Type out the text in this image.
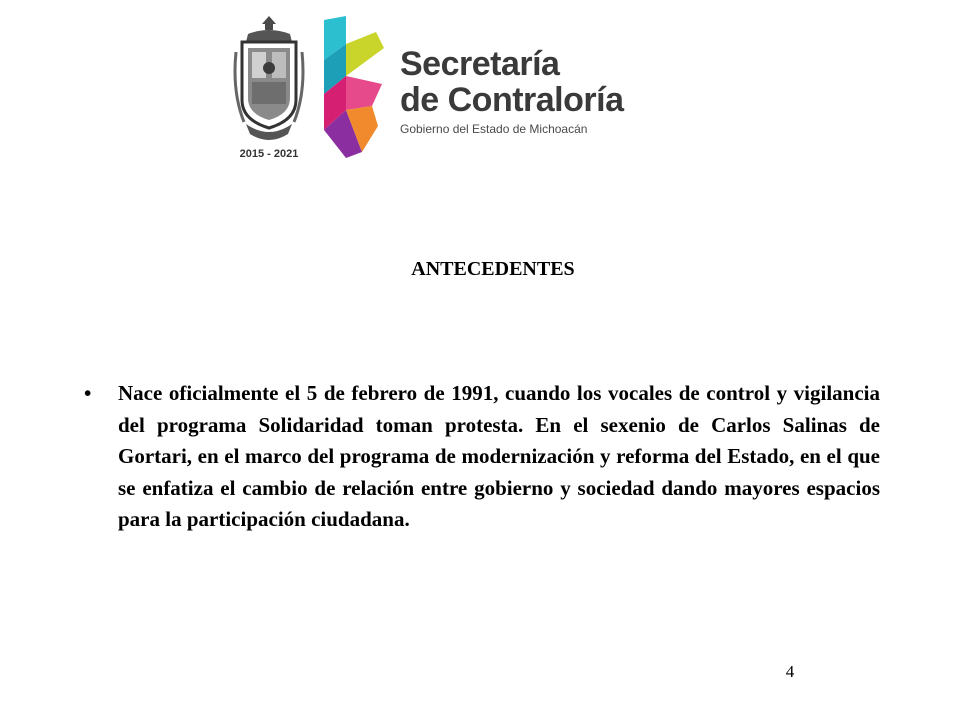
2015 - 2021
Secretaría
de Contraloría
Gobierno del Estado de Michoacán
ANTECEDENTES
•	Nace oficialmente el 5 de febrero de 1991, cuando los vocales de control y vigilancia del programa Solidaridad toman protesta. En el sexenio de Carlos Salinas de Gortari, en el marco del programa de modernización y reforma del Estado, en el que se enfatiza el cambio de relación entre gobierno y sociedad dando mayores espacios para la participación ciudadana.
4
